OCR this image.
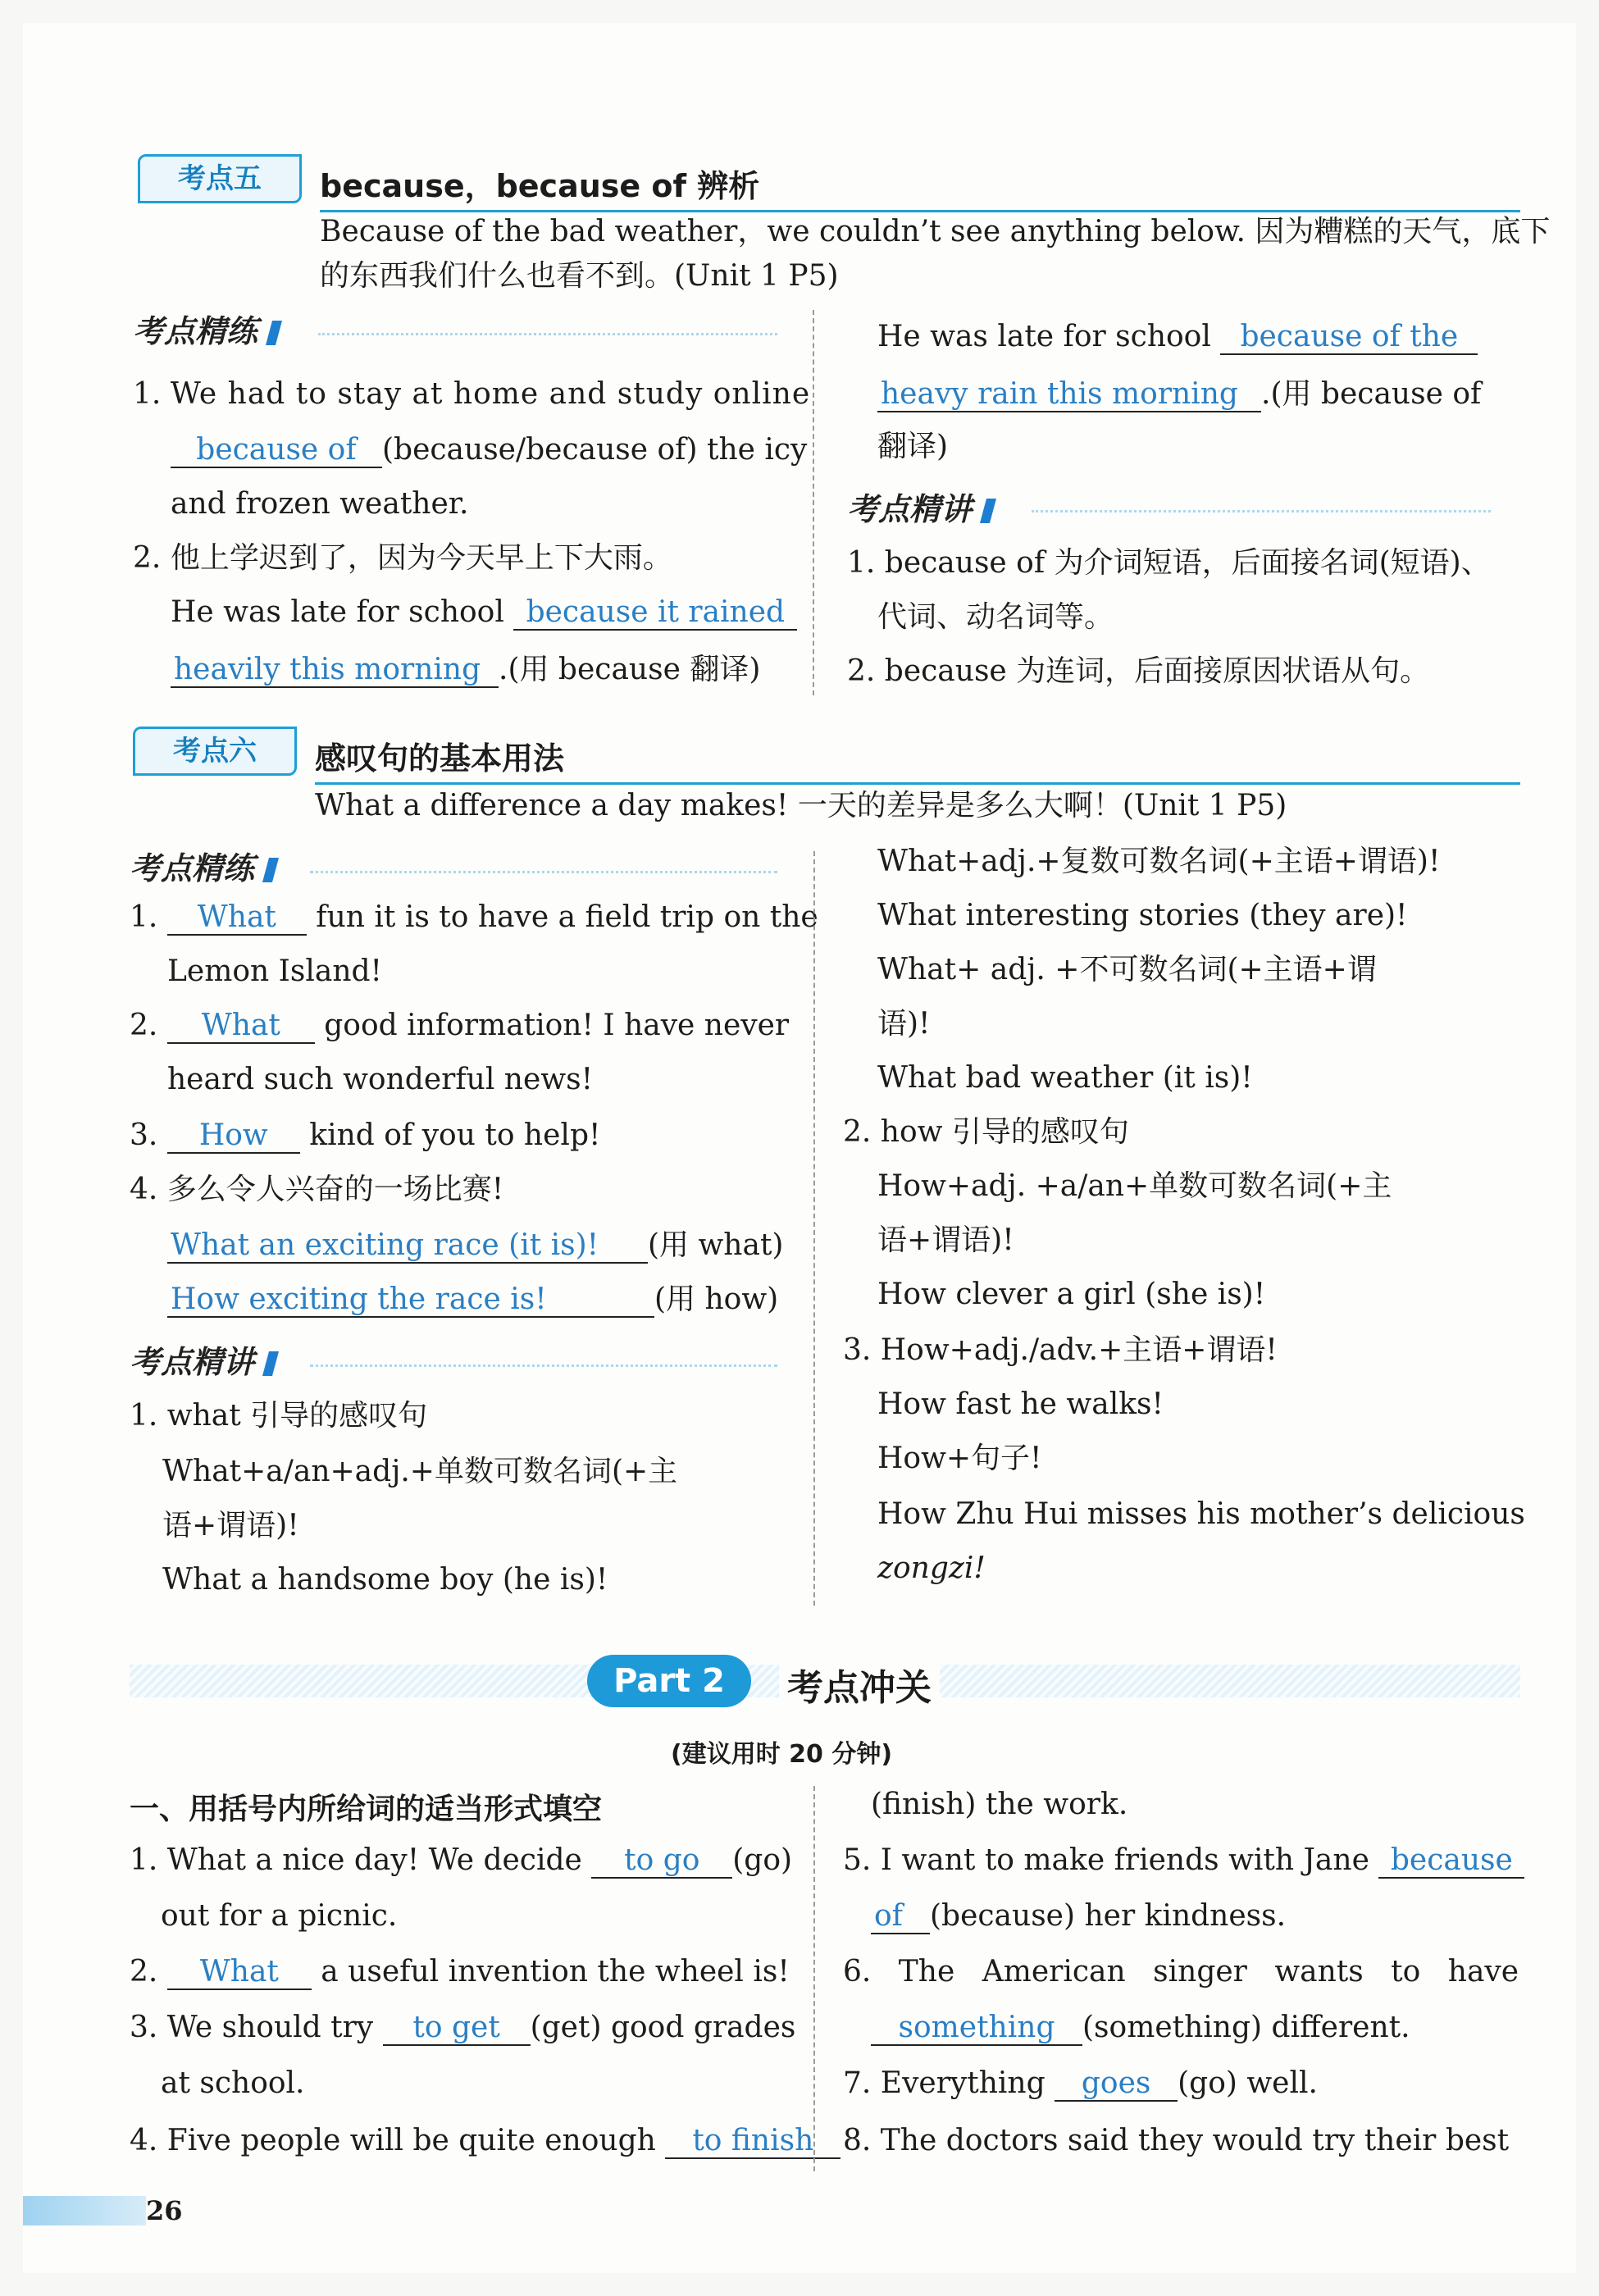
考点五	because，because of 辨析
Because of the bad weather，we couldn’t see anything below. 因为糟糕的天气，底下
的东西我们什么也看不到。(Unit 1 P5)
考点精练
1. We had to stay at home and study online
because of (because/because of) the icy
and frozen weather.
2. 他上学迟到了，因为今天早上下大雨。
He was late for school because it rained
heavily this morning .(用 because 翻译)
He was late for school because of the
heavy rain this morning .(用 because of
翻译)
考点精讲
1. because of 为介词短语，后面接名词(短语)、
代词、动名词等。
2. because 为连词，后面接原因状语从句。
考点六	感叹句的基本用法
What a difference a day makes! 一天的差异是多么大啊！(Unit 1 P5)
考点精练
1. What fun it is to have a field trip on the
Lemon Island!
2. What good information! I have never
heard such wonderful news!
3. How kind of you to help!
4. 多么令人兴奋的一场比赛!
What an exciting race (it is)! (用 what)
How exciting the race is!	(用 how)
考点精讲
1. what 引导的感叹句
What+a/an+adj.+单数可数名词(+主
语+谓语)!
What a handsome boy (he is)!
What+adj.+复数可数名词(+主语+谓语)!
What interesting stories (they are)!
What+ adj. +不可数名词(+主语+谓
语)!
What bad weather (it is)!
2. how 引导的感叹句
How+adj. +a/an+单数可数名词(+主
语+谓语)!
How clever a girl (she is)!
3. How+adj./adv.+主语+谓语!
How fast he walks!
How+句子!
How Zhu Hui misses his mother’s delicious
zongzi!
Part 2	考点冲关
(建议用时 20 分钟)
一、用括号内所给词的适当形式填空
1. What a nice day! We decide to go (go)
out for a picnic.
2. What a useful invention the wheel is!
3. We should try to get (get) good grades
at school.
4. Five people will be quite enough to finish
(finish) the work.
5. I want to make friends with Jane because
of (because) her kindness.
6. The American singer wants to have
something (something) different.
7. Everything goes (go) well.
8. The doctors said they would try their best
26
